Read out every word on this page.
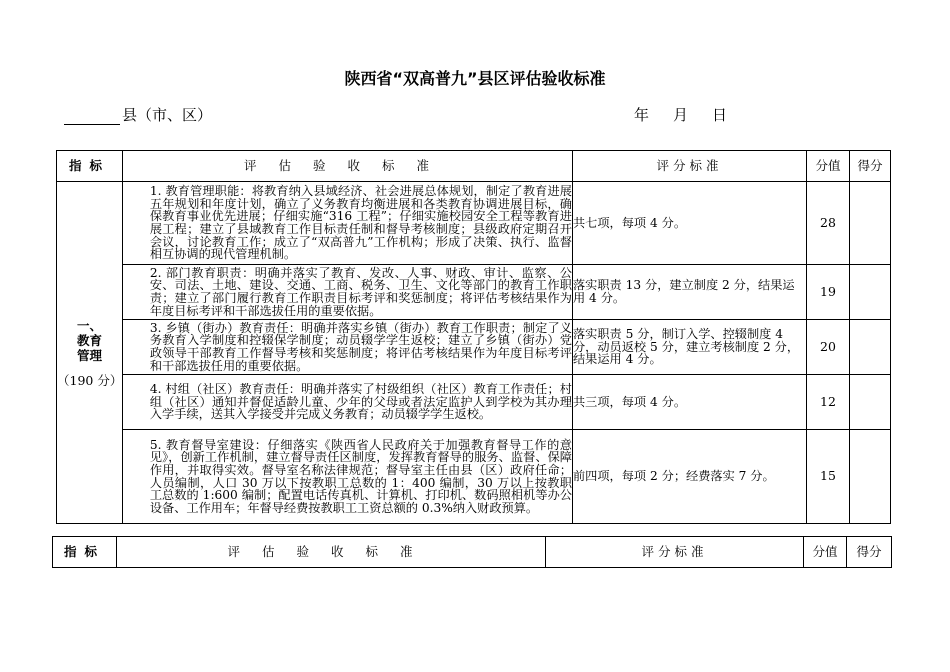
陕西省“双高普九”县区评估验收标准
县（市、区）	年 月 日
指标	评估验收标准	评分标准	分值	得分

一、
教育
管理
（190 分）	1. 教育管理职能：将教育纳入县域经济、社会进展总体规划，制定了教育进展五年规划和年度计划，确立了义务教育均衡进展和各类教育协调进展目标，确保教育事业优先进展；仔细实施“316 工程”；仔细实施校园安全工程等教育进展工程；建立了县域教育工作目标责任制和督导考核制度；县级政府定期召开会议，讨论教育工作；成立了“双高普九”工作机构；形成了决策、执行、监督相互协调的现代管理机制。	共七项，每项 4 分。	28	

	2. 部门教育职责：明确并落实了教育、发改、人事、财政、审计、监察、公安、司法、土地、建设、交通、工商、税务、卫生、文化等部门的教育工作职责；建立了部门履行教育工作职责目标考评和奖惩制度；将评估考核结果作为年度目标考评和干部选拔任用的重要依据。	落实职责 13 分，建立制度 2 分，结果运用 4 分。	19	

	3. 乡镇（街办）教育责任：明确并落实乡镇（街办）教育工作职责；制定了义务教育入学制度和控辍保学制度；动员辍学学生返校；建立了乡镇（街办）党政领导干部教育工作督导考核和奖惩制度；将评估考核结果作为年度目标考评和干部选拔任用的重要依据。	落实职责 5 分，制订入学、控辍制度 4 分，动员返校 5 分，建立考核制度 2 分，结果运用 4 分。	20	

	4. 村组（社区）教育责任：明确并落实了村级组织（社区）教育工作责任；村组（社区）通知并督促适龄儿童、少年的父母或者法定监护人到学校为其办理入学手续，送其入学接受并完成义务教育；动员辍学学生返校。	共三项，每项 4 分。	12	

	5. 教育督导室建设：仔细落实《陕西省人民政府关于加强教育督导工作的意见》，创新工作机制，建立督导责任区制度，发挥教育督导的服务、监督、保障作用，并取得实效。督导室名称法律规范；督导室主任由县（区）政府任命；人员编制，人口 30 万以下按教职工总数的 1：400 编制，30 万以上按教职工总数的 1:600 编制；配置电话传真机、计算机、打印机、数码照相机等办公设备、工作用车；年督导经费按教职工工资总额的 0.3%纳入财政预算。	前四项，每项 2 分；经费落实 7 分。	15	
指标	评估验收标准	评分标准	分值	得分
